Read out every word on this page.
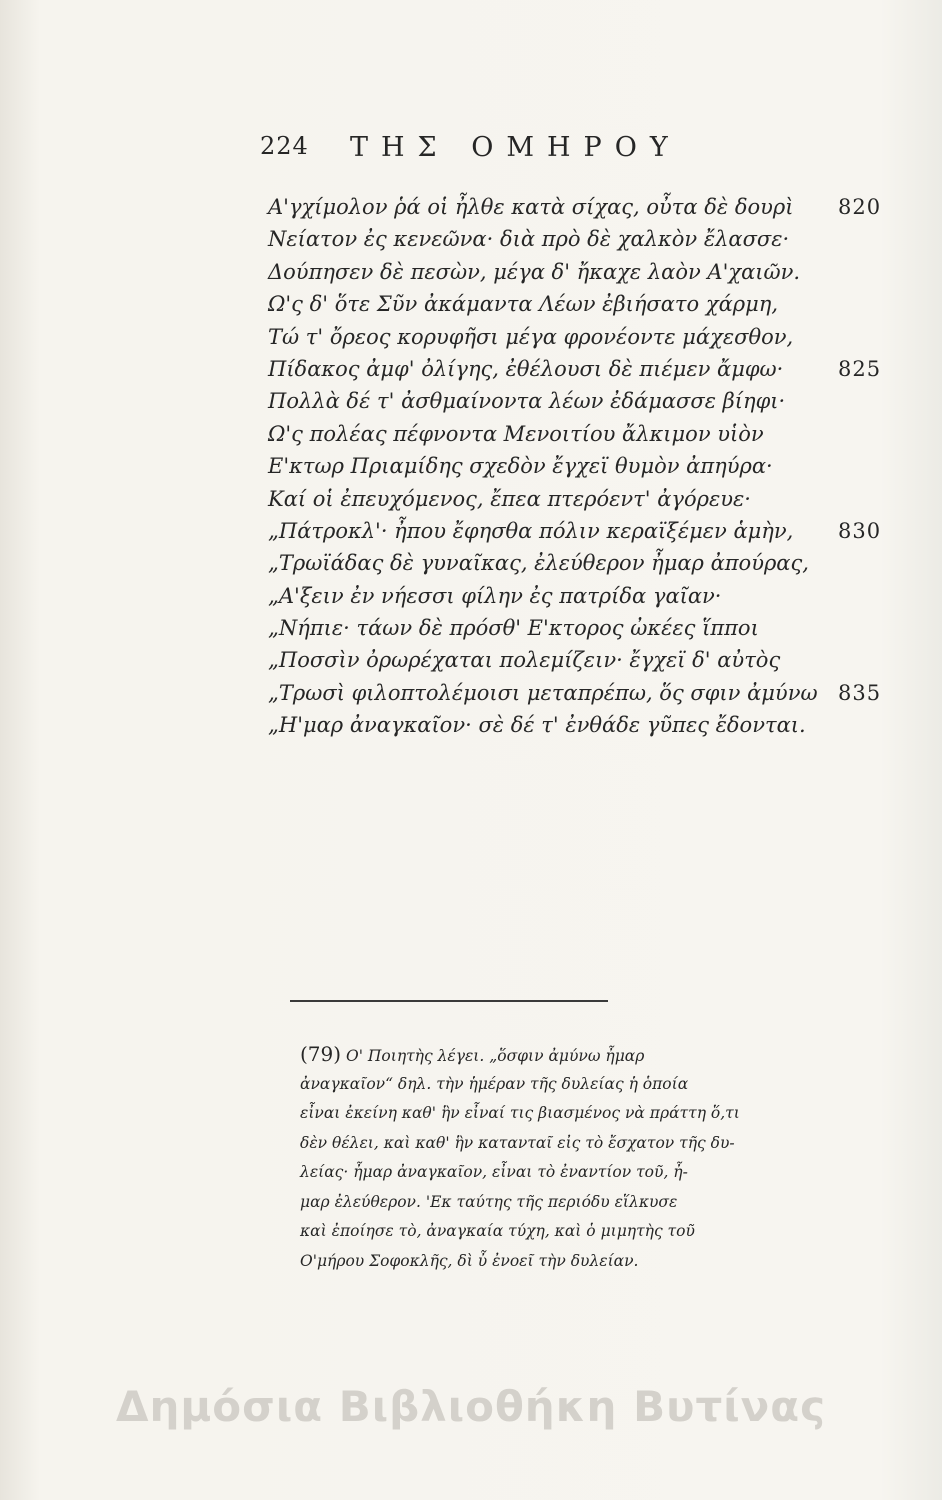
224 ΤΗΣ ΟΜΗΡΟΥ
Α'γχίμολον ῥά οἱ ἦλθε κατὰ σίχας, οὖτα δὲ δουρὶ 820
Νείατον ἐς κενεῶνα· διὰ πρὸ δὲ χαλκὸν ἔλασσε·
Δούπησεν δὲ πεσὼν, μέγα δ' ἤκαχε λαὸν Α'χαιῶν.
Ω'ς δ' ὅτε Σῦν ἀκάμαντα Λέων ἐβιήσατο χάρμη,
Τώ τ' ὄρεος κορυφῆσι μέγα φρονέοντε μάχεσθον,
Πίδακος ἀμφ' ὀλίγης, ἐθέλουσι δὲ πιέμεν ἄμφω·	825
Πολλὰ δέ τ' ἀσθμαίνοντα λέων ἐδάμασσε βίηφι·
Ω'ς πολέας πέφνοντα Μενοιτίου ἄλκιμον υἱὸν
Ε'κτωρ Πριαμίδης σχεδὸν ἔγχεϊ θυμὸν ἀπηύρα·
Καί οἱ ἐπευχόμενος, ἔπεα πτερόεντ' ἀγόρευε·
„Πάτροκλ'· ἦπου ἔφησθα πόλιν κεραϊξέμεν ἁμὴν, 830
„Τρωϊάδας δὲ γυναῖκας, ἐλεύθερον ἦμαρ ἀπούρας,
„Α'ξειν ἐν νήεσσι φίλην ἐς πατρίδα γαῖαν·
„Νήπιε· τάων δὲ πρόσθ' Ε'κτορος ὠκέες ἵπποι
„Ποσσὶν ὀρωρέχαται πολεμίζειν· ἔγχεϊ δ' αὐτὸς
„Τρωσὶ φιλοπτολέμοισι μεταπρέπω, ὅς σφιν ἀμύνω 835
„Η'μαρ ἀναγκαῖον· σὲ δέ τ' ἐνθάδε γῦπες ἔδονται.
(79) Ο' Ποιητὴς λέγει. „ὅσφιν ἀμύνω ἦμαρ
ἀναγκαῖον“ δηλ. τὴν ἡμέραν τῆς δυλείας ἡ ὁποία
εἶναι ἐκείνη καθ' ἣν εἶναί τις βιασμένος νὰ πράττη ὅ,τι
δὲν θέλει, καὶ καθ' ἣν κατανταῖ εἰς τὸ ἔσχατον τῆς δυ-
λείας· ἦμαρ ἀναγκαῖον, εἶναι τὸ ἐναντίον τοῦ, ἦ-
μαρ ἐλεύθερον. 'Εκ ταύτης τῆς περιόδυ εἵλκυσε
καὶ ἐποίησε τὸ, ἀναγκαία τύχη, καὶ ὁ μιμητὴς τοῦ
Ο'μήρου Σοφοκλῆς, δὶ ὖ ἐνοεῖ τὴν δυλείαν.
Δημόσια Βιβλιοθήκη Βυτίνας
